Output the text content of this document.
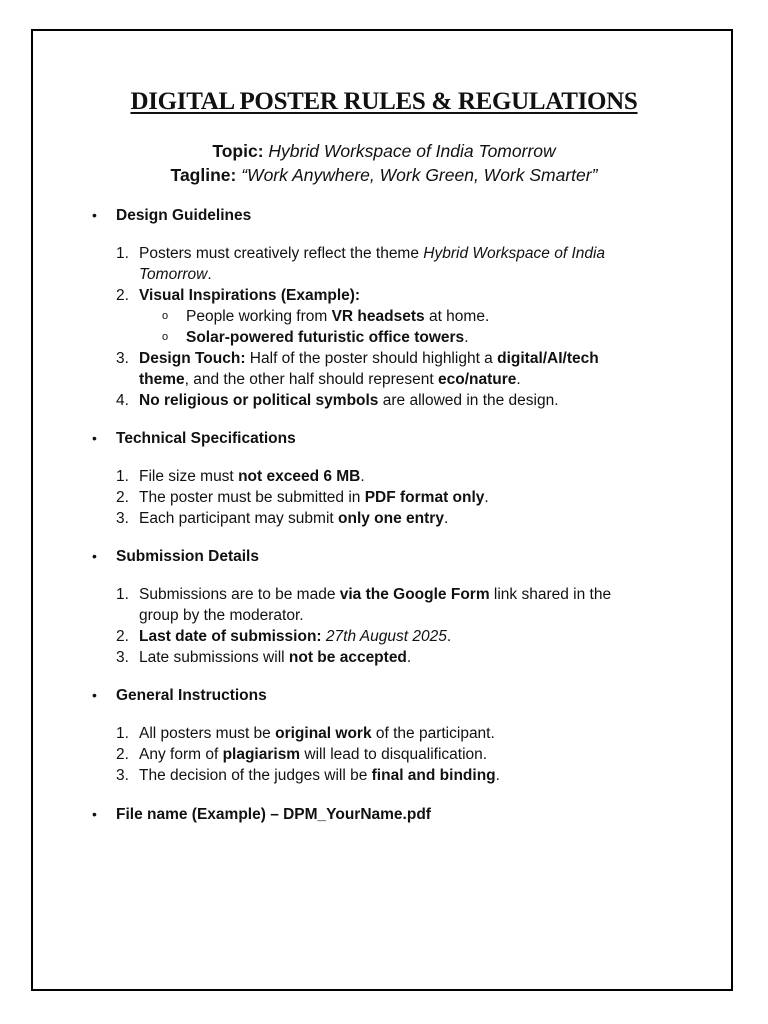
DIGITAL POSTER RULES & REGULATIONS
Topic: Hybrid Workspace of India Tomorrow
Tagline: “Work Anywhere, Work Green, Work Smarter”
• Design Guidelines
1. Posters must creatively reflect the theme Hybrid Workspace of India
Tomorrow.
2. Visual Inspirations (Example):
o People working from VR headsets at home.
o Solar-powered futuristic office towers.
3. Design Touch: Half of the poster should highlight a digital/AI/tech
theme, and the other half should represent eco/nature.
4. No religious or political symbols are allowed in the design.
• Technical Specifications
1. File size must not exceed 6 MB.
2. The poster must be submitted in PDF format only.
3. Each participant may submit only one entry.
• Submission Details
1. Submissions are to be made via the Google Form link shared in the
group by the moderator.
2. Last date of submission: 27th August 2025.
3. Late submissions will not be accepted.
• General Instructions
1. All posters must be original work of the participant.
2. Any form of plagiarism will lead to disqualification.
3. The decision of the judges will be final and binding.
• File name (Example) – DPM_YourName.pdf
